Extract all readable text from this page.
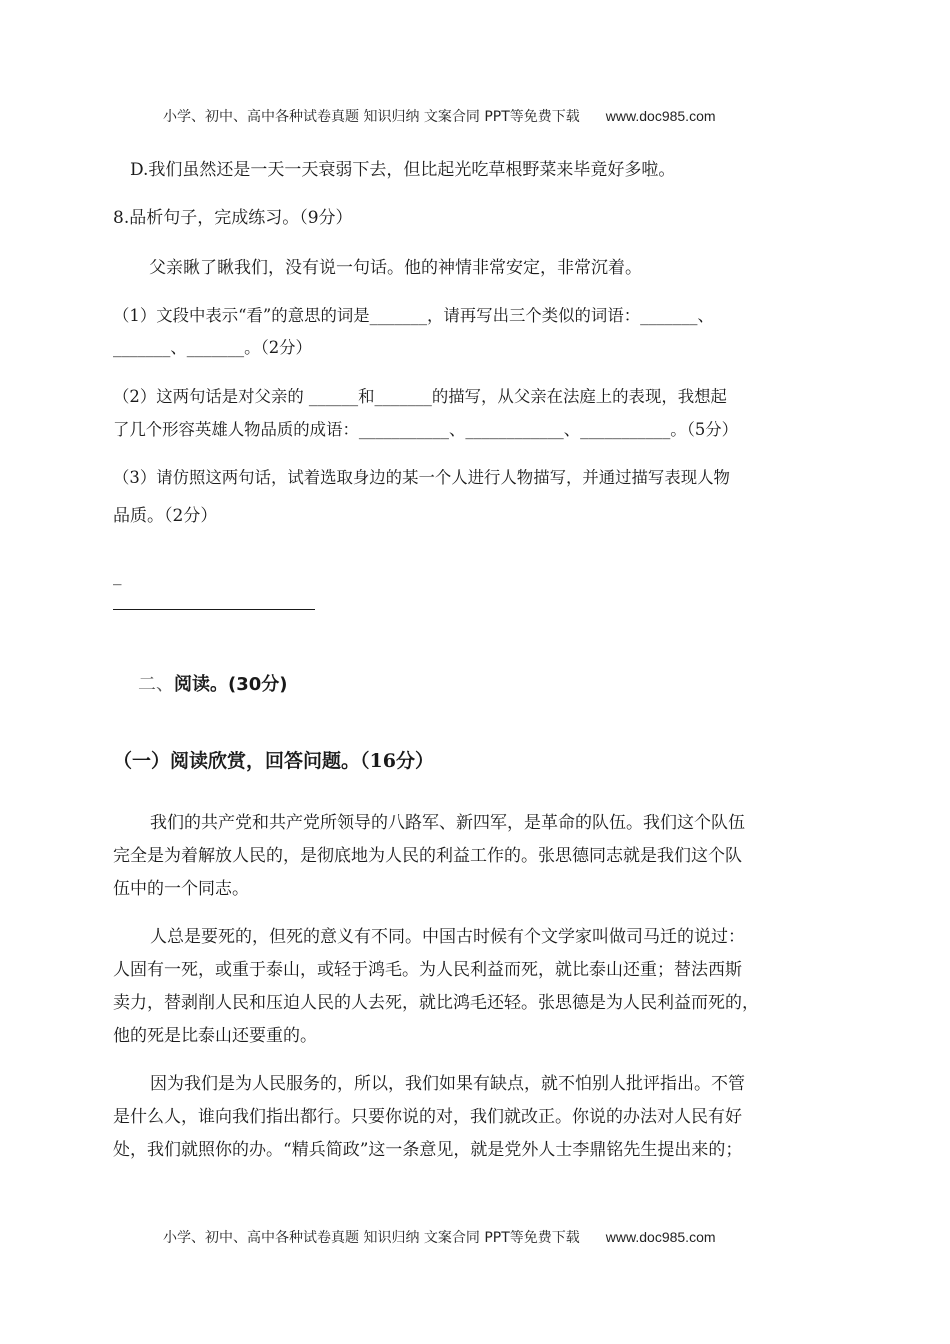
小学、初中、高中各种试卷真题 知识归纳 文案合同 PPT等免费下载 www.doc985.com
D.我们虽然还是一天一天衰弱下去，但比起光吃草根野菜来毕竟好多啦。
8.品析句子，完成练习。（9分）
父亲瞅了瞅我们，没有说一句话。他的神情非常安定，非常沉着。
（1）文段中表示“看”的意思的词是_______，请再写出三个类似的词语：_______、
_______、_______。（2分）
（2）这两句话是对父亲的 ______和_______的描写，从父亲在法庭上的表现，我想起
了几个形容英雄人物品质的成语：___________、____________、___________。（5分）
（3）请仿照这两句话，试着选取身边的某一个人进行人物描写，并通过描写表现人物
品质。（2分）
_
二、阅读。(30分)
（一）阅读欣赏，回答问题。（16分）
我们的共产党和共产党所领导的八路军、新四军，是革命的队伍。我们这个队伍
完全是为着解放人民的，是彻底地为人民的利益工作的。张思德同志就是我们这个队
伍中的一个同志。
人总是要死的，但死的意义有不同。中国古时候有个文学家叫做司马迁的说过：
人固有一死，或重于泰山，或轻于鸿毛。为人民利益而死，就比泰山还重；替法西斯
卖力，替剥削人民和压迫人民的人去死，就比鸿毛还轻。张思德是为人民利益而死的，
他的死是比泰山还要重的。
因为我们是为人民服务的，所以，我们如果有缺点，就不怕别人批评指出。不管
是什么人，谁向我们指出都行。只要你说的对，我们就改正。你说的办法对人民有好
处，我们就照你的办。“精兵简政”这一条意见，就是党外人士李鼎铭先生提出来的；
小学、初中、高中各种试卷真题 知识归纳 文案合同 PPT等免费下载 www.doc985.com
